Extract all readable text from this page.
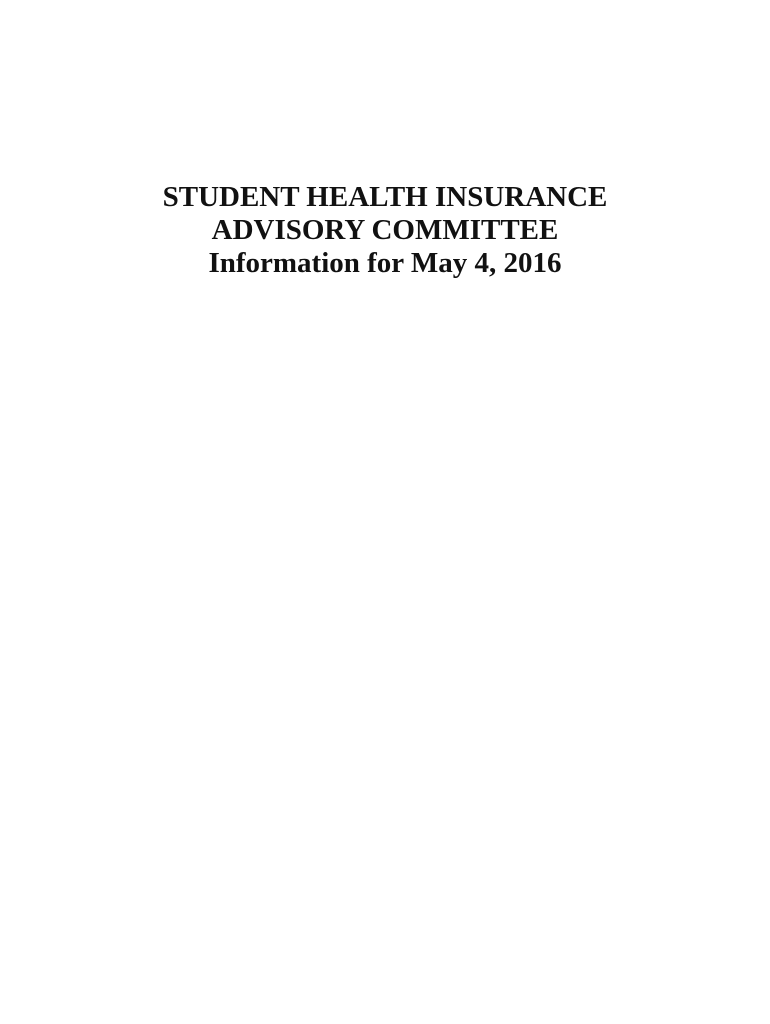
STUDENT HEALTH INSURANCE
ADVISORY COMMITTEE
Information for May 4, 2016
